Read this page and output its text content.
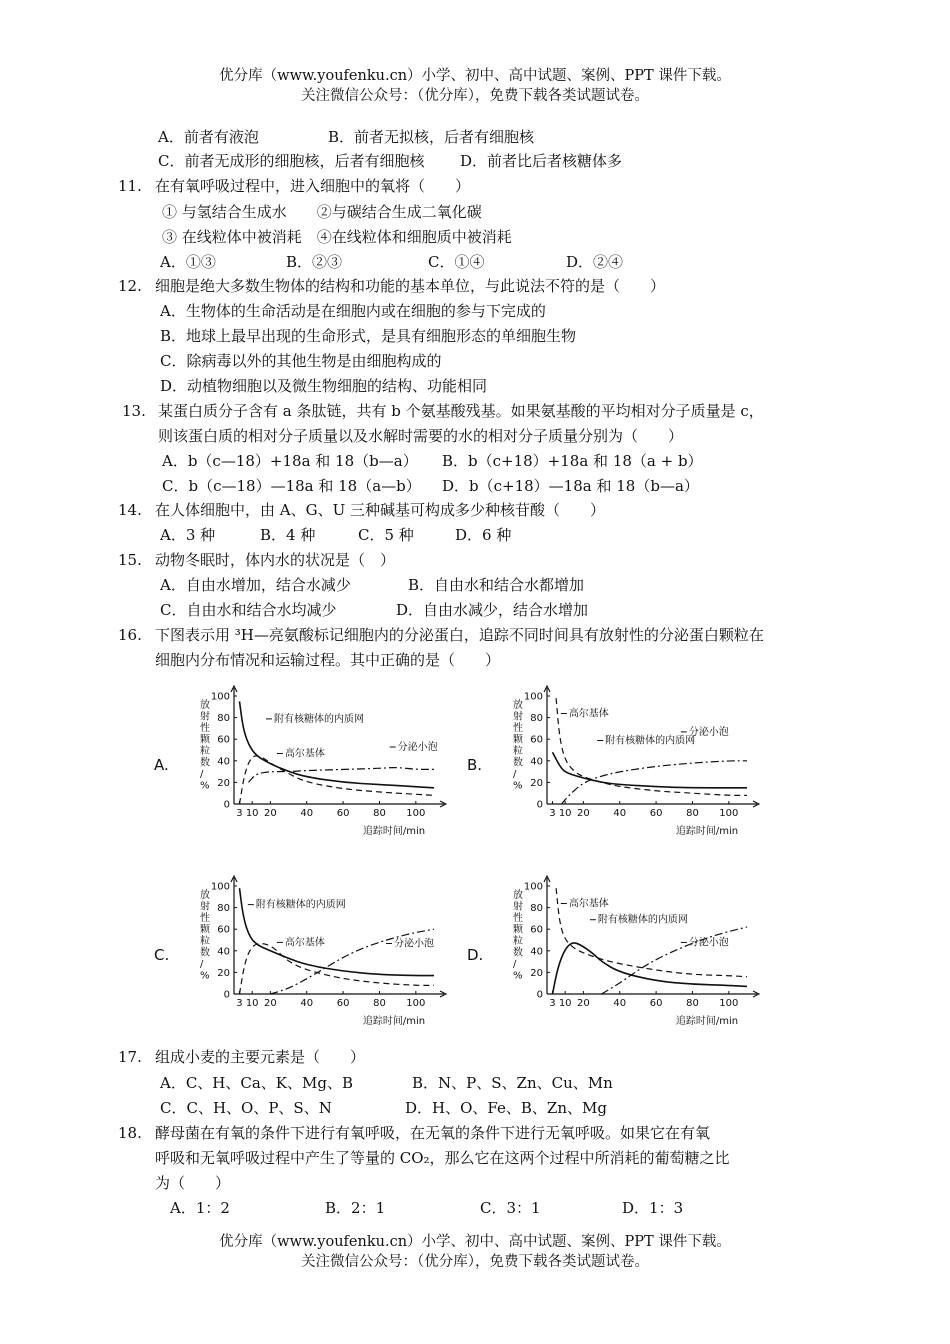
优分库（www.youfenku.cn）小学、初中、高中试题、案例、PPT 课件下载。
关注微信公众号：（优分库），免费下载各类试题试卷。
A．前者有液泡	B．前者无拟核，后者有细胞核
C．前者无成形的细胞核，后者有细胞核 D．前者比后者核糖体多
11. 在有氧呼吸过程中，进入细胞中的氧将（　　）
① 与氢结合生成水　　②与碳结合生成二氧化碳
③ 在线粒体中被消耗　④在线粒体和细胞质中被消耗
A．①③	B．②③	C．①④	D．②④
12. 细胞是绝大多数生物体的结构和功能的基本单位，与此说法不符的是（　　）
A．生物体的生命活动是在细胞内或在细胞的参与下完成的
B．地球上最早出现的生命形式，是具有细胞形态的单细胞生物
C．除病毒以外的其他生物是由细胞构成的
D．动植物细胞以及微生物细胞的结构、功能相同
13. 某蛋白质分子含有 a 条肽链，共有 b 个氨基酸残基。如果氨基酸的平均相对分子质量是 c，
则该蛋白质的相对分子质量以及水解时需要的水的相对分子质量分别为（　　）
A．b（c—18）+18a 和 18（b—a） B．b（c+18）+18a 和 18（a + b）
C．b（c—18）—18a 和 18（a—b） D．b（c+18）—18a 和 18（b—a）
14. 在人体细胞中，由 A、G、U 三种碱基可构成多少种核苷酸（　　）
A．3 种	B．4 种	C．5 种	D．6 种
15. 动物冬眠时，体内水的状况是（　）
A．自由水增加，结合水减少	B．自由水和结合水都增加
C．自由水和结合水均减少	D．自由水减少，结合水增加
16. 下图表示用 ³H—亮氨酸标记细胞内的分泌蛋白，追踪不同时间具有放射性的分泌蛋白颗粒在
细胞内分布情况和运输过程。其中正确的是（　　）
A.
放射性颗粒数/ %
100
80
60
40
20
0
3 10 20 40 60 80 100
追踪时间/min
附有核糖体的内质网
高尔基体
分泌小泡
B.
放射性颗粒数/ %
100
80
60
40
20
0
3 10 20 40 60 80 100
追踪时间/min
高尔基体
附有核糖体的内质网
分泌小泡
C.
放射性颗粒数/ %
100
80
60
40
20
0
3 10 20 40 60 80 100
追踪时间/min
附有核糖体的内质网
高尔基体	分泌小泡
D.
放射性颗粒数/ %
100
80
60
40
20
0
3 10 20 40 60 80 100
追踪时间/min
高尔基体
附有核糖体的内质网
分泌小泡
17. 组成小麦的主要元素是（　　）
A．C、H、Ca、K、Mg、B	B．N、P、S、Zn、Cu、Mn
C．C、H、O、P、S、N	D．H、O、Fe、B、Zn、Mg
18. 酵母菌在有氧的条件下进行有氧呼吸，在无氧的条件下进行无氧呼吸。如果它在有氧
呼吸和无氧呼吸过程中产生了等量的 CO₂，那么它在这两个过程中所消耗的葡萄糖之比
为（　　）
A．1：2	B．2：1	C．3：1	D．1：3
优分库（www.youfenku.cn）小学、初中、高中试题、案例、PPT 课件下载。
关注微信公众号：（优分库），免费下载各类试题试卷。
